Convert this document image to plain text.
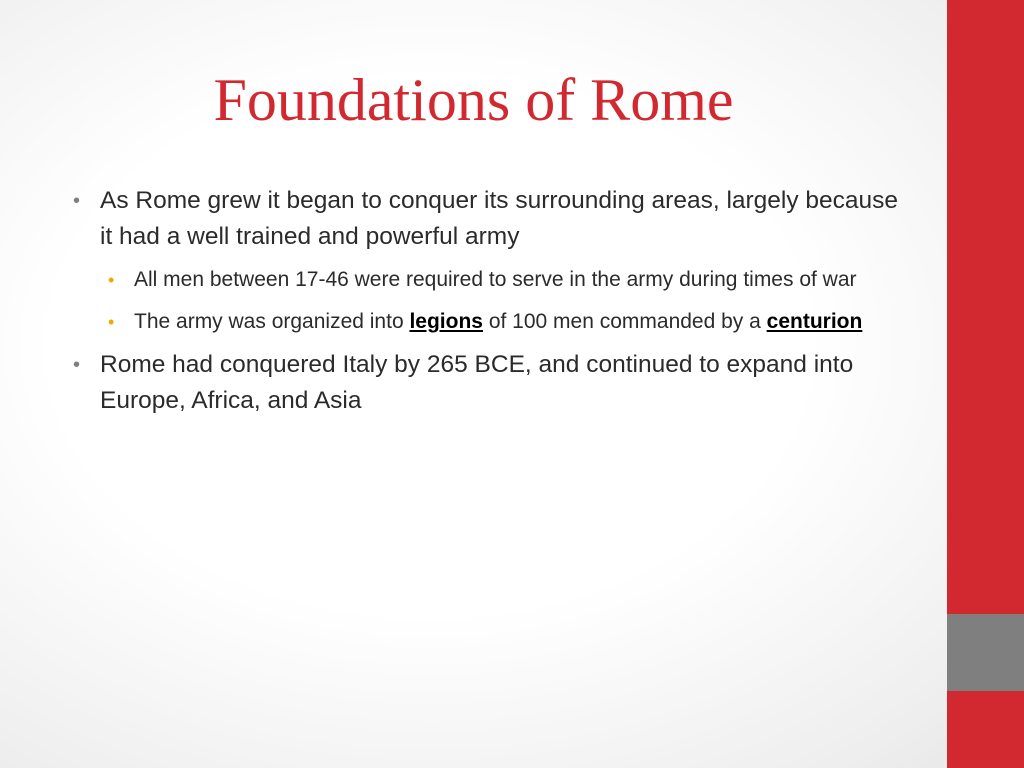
Foundations of Rome
• As Rome grew it began to conquer its surrounding areas, largely because it had a well trained and powerful army
• All men between 17-46 were required to serve in the army during times of war
• The army was organized into legions of 100 men commanded by a centurion
• Rome had conquered Italy by 265 BCE, and continued to expand into Europe, Africa, and Asia
